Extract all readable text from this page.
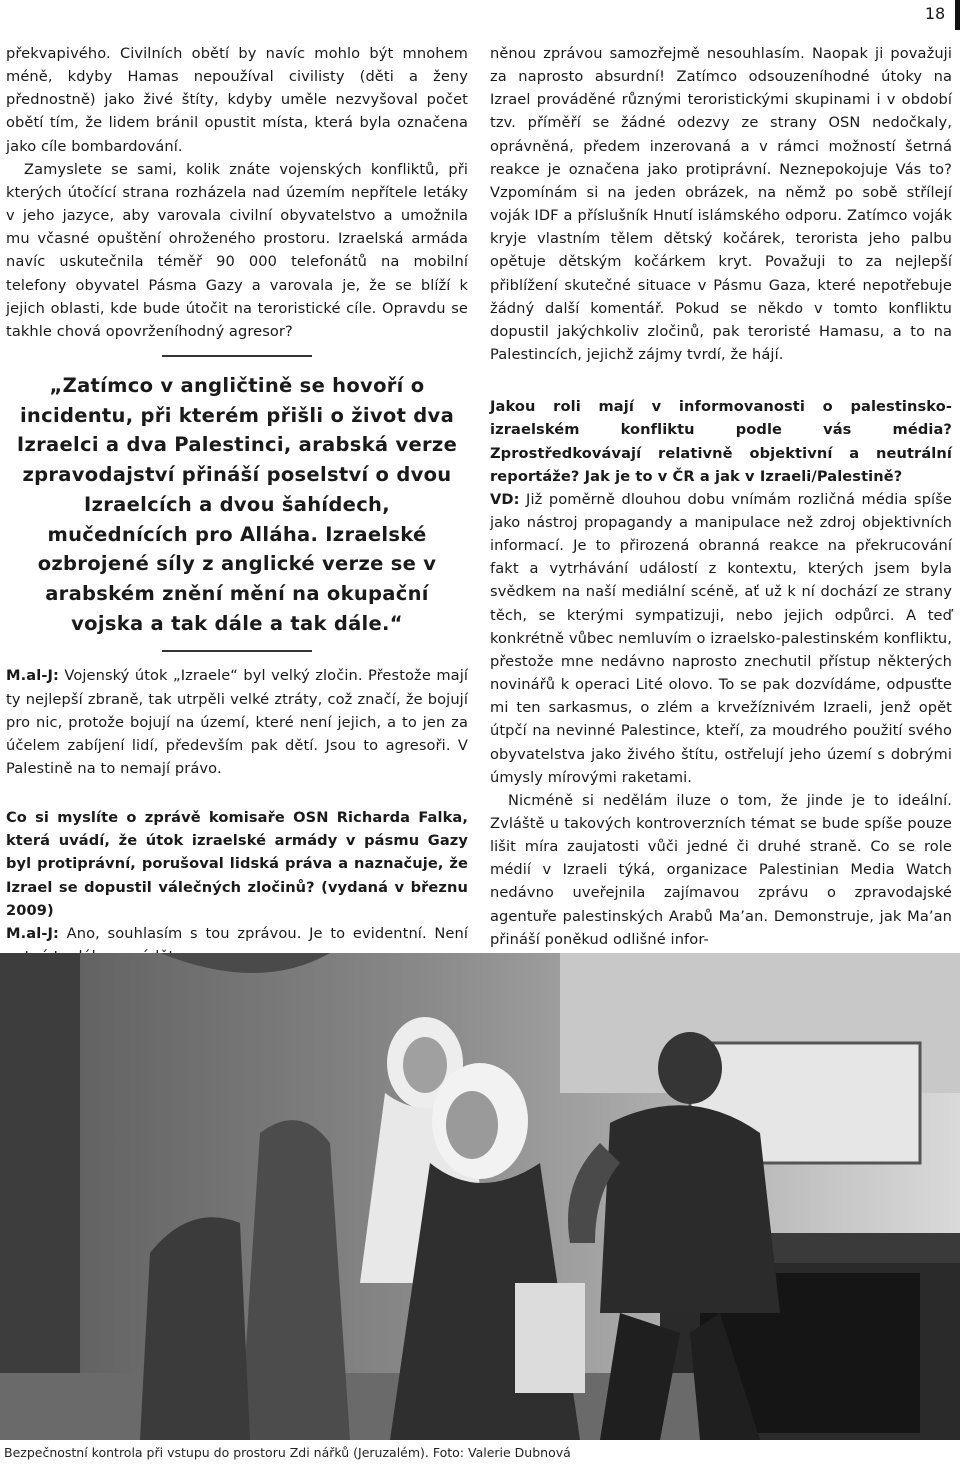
18

překvapivého. Civilních obětí by navíc mohlo být mnohem méně, kdyby Hamas nepoužíval civilisty (děti a ženy přednostně) jako živé štíty, kdyby uměle nezvyšoval počet obětí tím, že lidem bránil opustit místa, která byla označena jako cíle bombardování.

Zamyslete se sami, kolik znáte vojenských konfliktů, při kterých útočící strana rozházela nad územím nepřítele letáky v jeho jazyce, aby varovala civilní obyvatelstvo a umožnila mu včasné opuštění ohroženého prostoru. Izraelská armáda navíc uskutečnila téměř 90 000 telefonátů na mobilní telefony obyvatel Pásma Gazy a varovala je, že se blíží k jejich oblasti, kde bude útočit na teroristické cíle. Opravdu se takhle chová opovrženíhodný agresor?

„Zatímco v angličtině se hovoří o incidentu, při kterém přišli o život dva Izraelci a dva Palestinci, arabská verze zpravodajství přináší poselství o dvou Izraelcích a dvou šahídech, mučednících pro Alláha. Izraelské ozbrojené síly z anglické verze se v arabském znění mění na okupační vojska a tak dále a tak dále.“

M.al-J: Vojenský útok „Izraele“ byl velký zločin. Přestože mají ty nejlepší zbraně, tak utrpěli velké ztráty, což značí, že bojují pro nic, protože bojují na území, které není jejich, a to jen za účelem zabíjení lidí, především pak dětí. Jsou to agresoři. V Palestině na to nemají právo.

Co si myslíte o zprávě komisaře OSN Richarda Falka, která uvádí, že útok izraelské armády v pásmu Gazy byl protiprávní, porušoval lidská práva a naznačuje, že Izrael se dopustil válečných zločinů? (vydaná v březnu 2009)

M.al-J: Ano, souhlasím s tou zprávou. Je to evidentní. Není

něnou zprávou samozřejmě nesouhlasím. Naopak ji považuji za naprosto absurdní! Zatímco odsouzeníhodné útoky na Izrael prováděné různými teroristickými skupinami i v období tzv. příměří se žádné odezvy ze strany OSN nedočkaly, oprávněná, předem inzerovaná a v rámci možností šetrná reakce je označena jako protiprávní. Neznepokojuje Vás to? Vzpomínám si na jeden obrázek, na němž po sobě střílejí voják IDF a příslušník Hnutí islámského odporu. Zatímco voják kryje vlastním tělem dětský kočárek, terorista jeho palbu opětuje dětským kočárkem kryt. Považuji to za nejlepší přiblížení skutečné situace v Pásmu Gaza, které nepotřebuje žádný další komentář. Pokud se někdo v tomto konfliktu dopustil jakýchkoliv zločinů, pak teroristé Hamasu, a to na Palestincích, jejichž zájmy tvrdí, že hájí.

Jakou roli mají v informovanosti o palestinsko-izraelském konfliktu podle vás média? Zprostředkovávají relativně objektivní a neutrální reportáže? Jak je to v ČR a jak v Izraeli/Palestině?

VD: Již poměrně dlouhou dobu vnímám rozličná média spíše jako nástroj propagandy a manipulace než zdroj objektivních informací. Je to přirozená obranná reakce na překrucování fakt a vytrhávání událostí z kontextu, kterých jsem byla svědkem na naší mediální scéně, ať už k ní dochází ze strany těch, se kterými sympatizuji, nebo jejich odpůrci. A teď konkrétně vůbec nemluvím o izraelsko-palestinském konfliktu, přestože mne nedávno naprosto znechutil přístup některých novinářů k operaci Lité olovo. To se pak dozvídáme, odpusťte mi ten sarkasmus, o zlém a krvežíznivém Izraeli, jenž opět útpčí na nevinné Palestince, kteří, za moudrého použití svého obyvatelstva jako živého štítu, ostřelují jeho území s dobrými úmysly mírovými raketami.

Nicméně si nedělám iluze o tom, že jinde je to ideální. Zvláště u takových kontroverzních témat se bude spíše pouze lišit míra zaujatosti vůči jedné či druhé straně. Co se role médií v Izraeli týká, organizace Palestinian Media Watch nedávno uveřejnila zajímavou zprávu o zpravodajské agentuře palestinských Arabů Ma’an. Demonstruje, jak Ma’an přináší poněkud odlišné infor-

Bezpečnostní kontrola při vstupu do prostoru Zdi nářků (Jeruzalém). Foto: Valerie Dubnová
